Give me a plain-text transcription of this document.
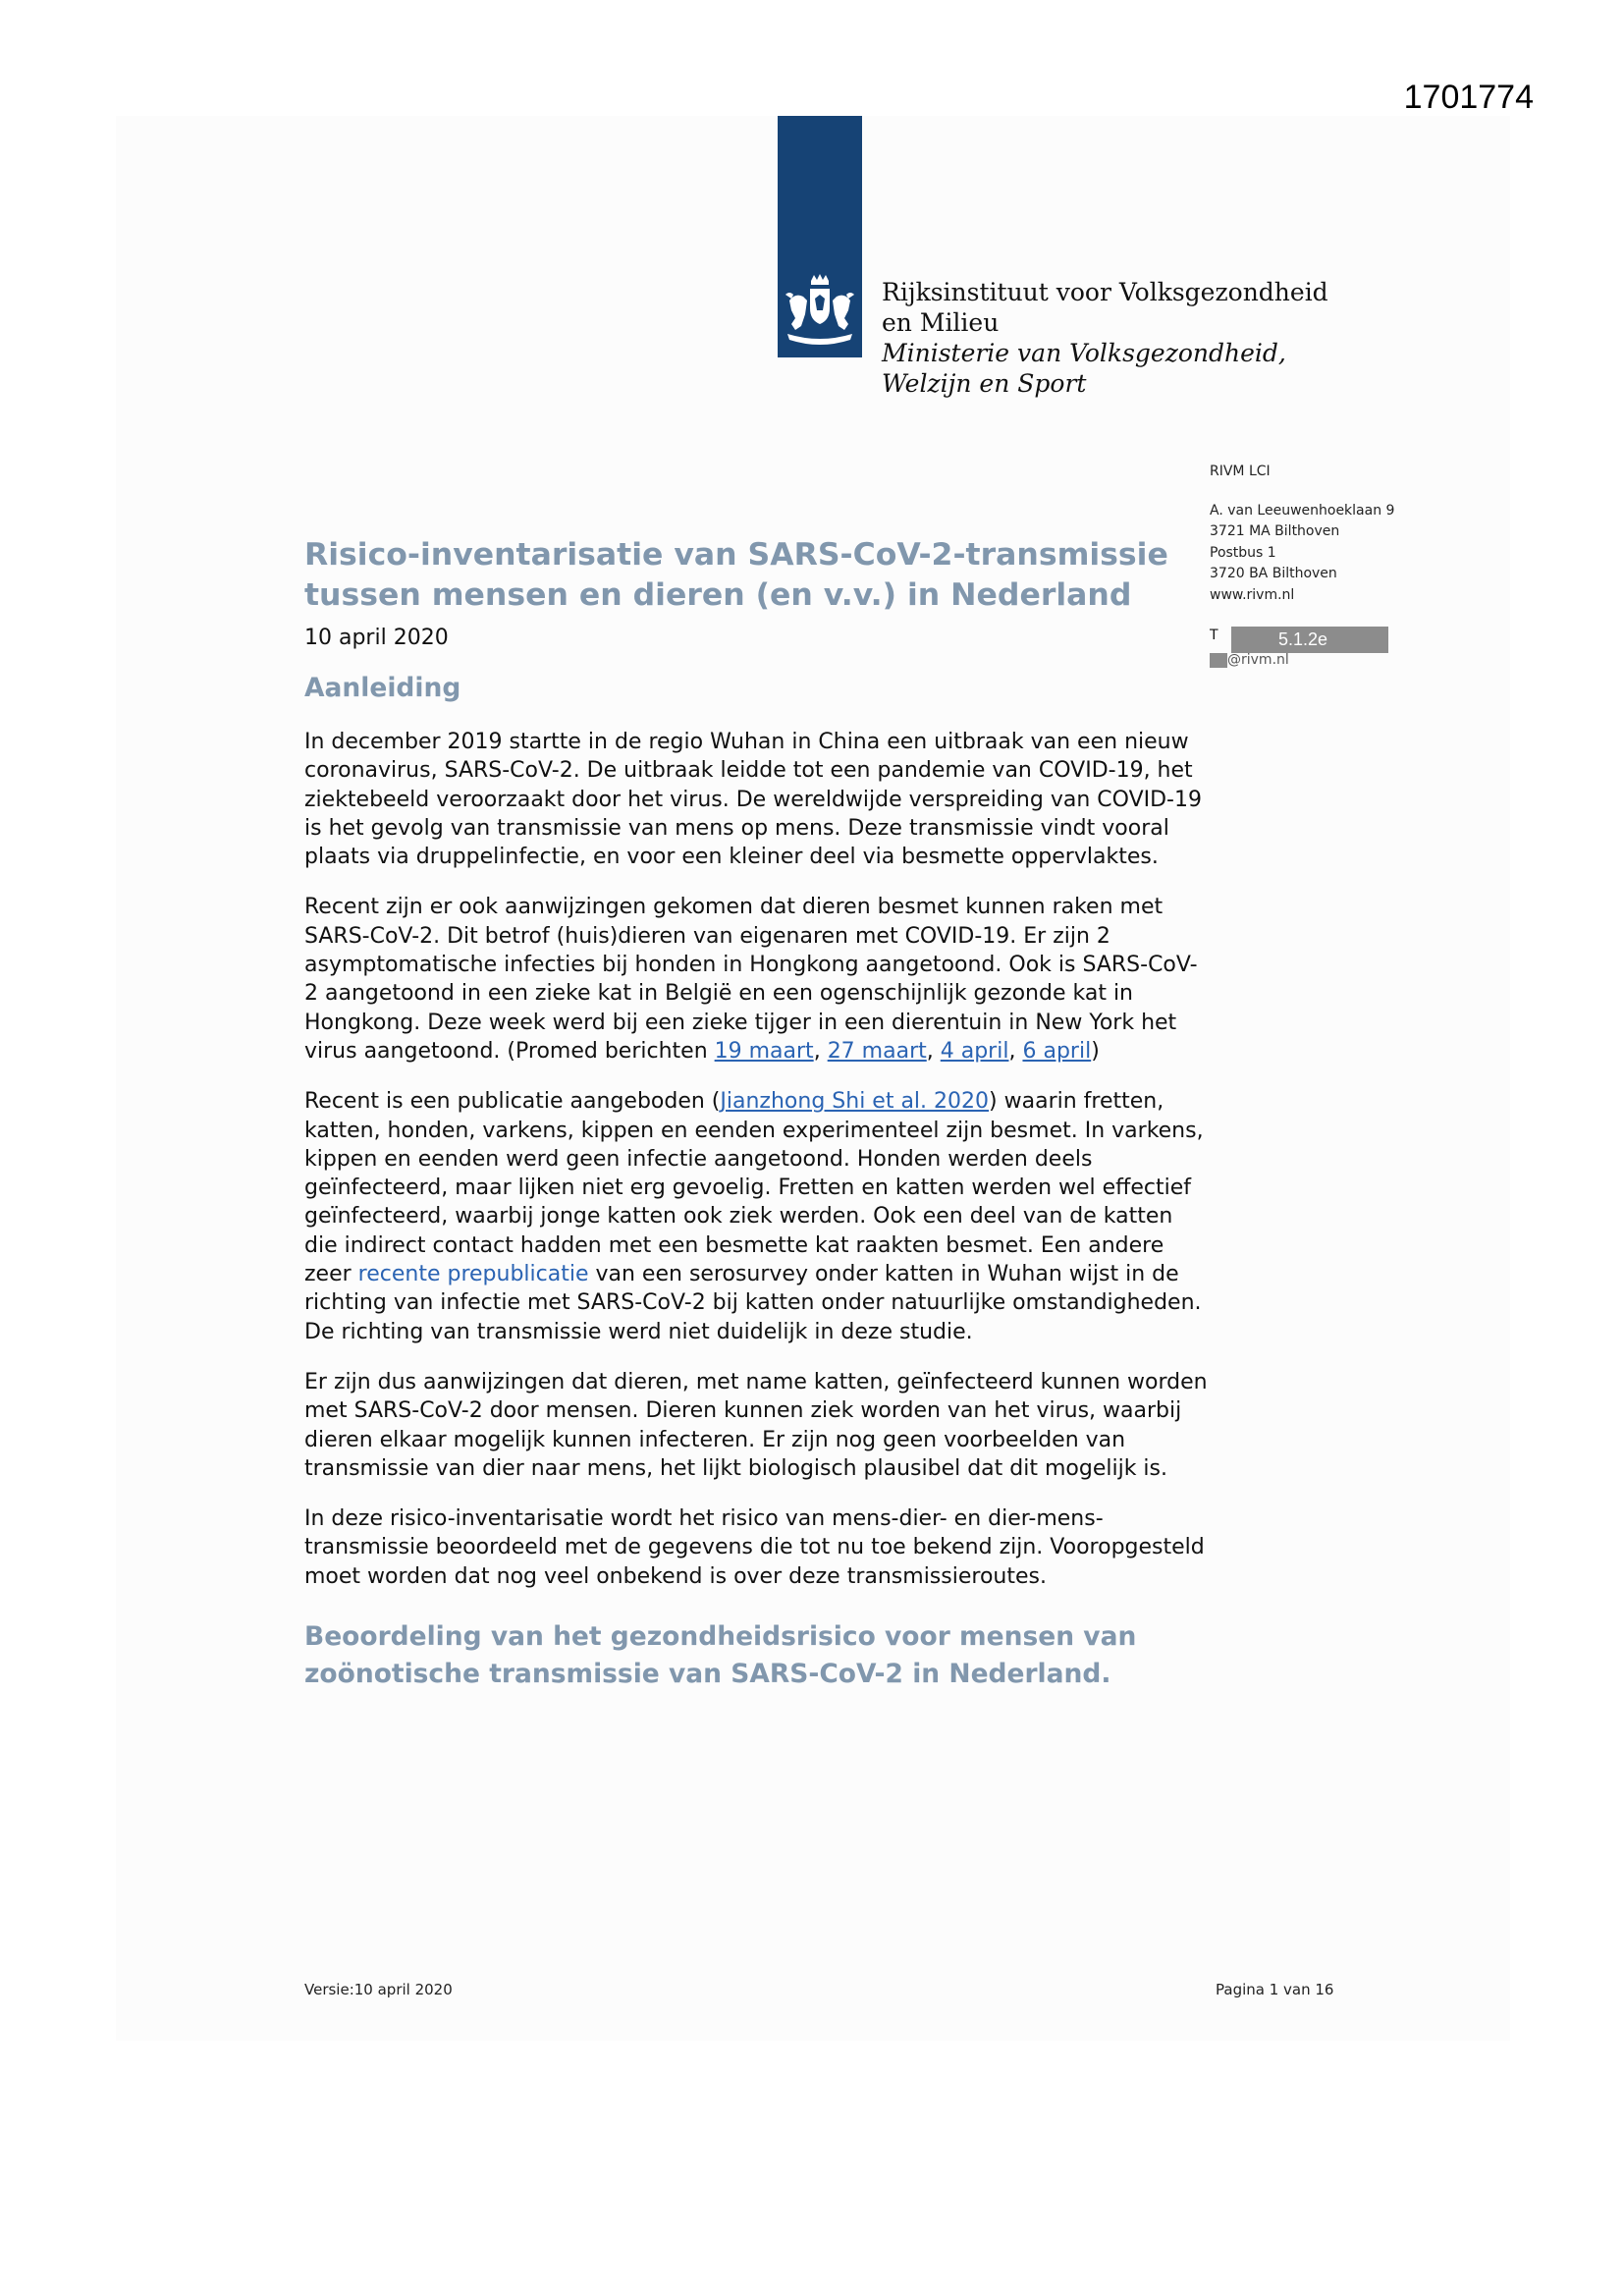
1701774
Rijksinstituut voor Volksgezondheid
en Milieu
Ministerie van Volksgezondheid,
Welzijn en Sport
RIVM LCI
A. van Leeuwenhoeklaan 9
3721 MA Bilthoven
Postbus 1
3720 BA Bilthoven
www.rivm.nl
T	5.1.2e
@rivm.nl
Risico-inventarisatie van SARS-CoV-2-transmissie tussen mensen en dieren (en v.v.) in Nederland
10 april 2020
Aanleiding

In december 2019 startte in de regio Wuhan in China een uitbraak van een nieuw coronavirus, SARS-CoV-2. De uitbraak leidde tot een pandemie van COVID-19, het ziektebeeld veroorzaakt door het virus. De wereldwijde verspreiding van COVID-19 is het gevolg van transmissie van mens op mens. Deze transmissie vindt vooral plaats via druppelinfectie, en voor een kleiner deel via besmette oppervlaktes.

Recent zijn er ook aanwijzingen gekomen dat dieren besmet kunnen raken met SARS-CoV-2. Dit betrof (huis)dieren van eigenaren met COVID-19. Er zijn 2 asymptomatische infecties bij honden in Hongkong aangetoond. Ook is SARS-CoV-2 aangetoond in een zieke kat in België en een ogenschijnlijk gezonde kat in Hongkong. Deze week werd bij een zieke tijger in een dierentuin in New York het virus aangetoond. (Promed berichten 19 maart, 27 maart, 4 april, 6 april)

Recent is een publicatie aangeboden (Jianzhong Shi et al. 2020) waarin fretten, katten, honden, varkens, kippen en eenden experimenteel zijn besmet. In varkens, kippen en eenden werd geen infectie aangetoond. Honden werden deels geïnfecteerd, maar lijken niet erg gevoelig. Fretten en katten werden wel effectief geïnfecteerd, waarbij jonge katten ook ziek werden. Ook een deel van de katten die indirect contact hadden met een besmette kat raakten besmet. Een andere zeer recente prepublicatie van een serosurvey onder katten in Wuhan wijst in de richting van infectie met SARS-CoV-2 bij katten onder natuurlijke omstandigheden. De richting van transmissie werd niet duidelijk in deze studie.

Er zijn dus aanwijzingen dat dieren, met name katten, geïnfecteerd kunnen worden met SARS-CoV-2 door mensen. Dieren kunnen ziek worden van het virus, waarbij dieren elkaar mogelijk kunnen infecteren. Er zijn nog geen voorbeelden van transmissie van dier naar mens, het lijkt biologisch plausibel dat dit mogelijk is.

In deze risico-inventarisatie wordt het risico van mens-dier- en dier-mens-transmissie beoordeeld met de gegevens die tot nu toe bekend zijn. Vooropgesteld moet worden dat nog veel onbekend is over deze transmissieroutes.

Beoordeling van het gezondheidsrisico voor mensen van zoönotische transmissie van SARS-CoV-2 in Nederland.
Versie:10 april 2020	Pagina 1 van 16
